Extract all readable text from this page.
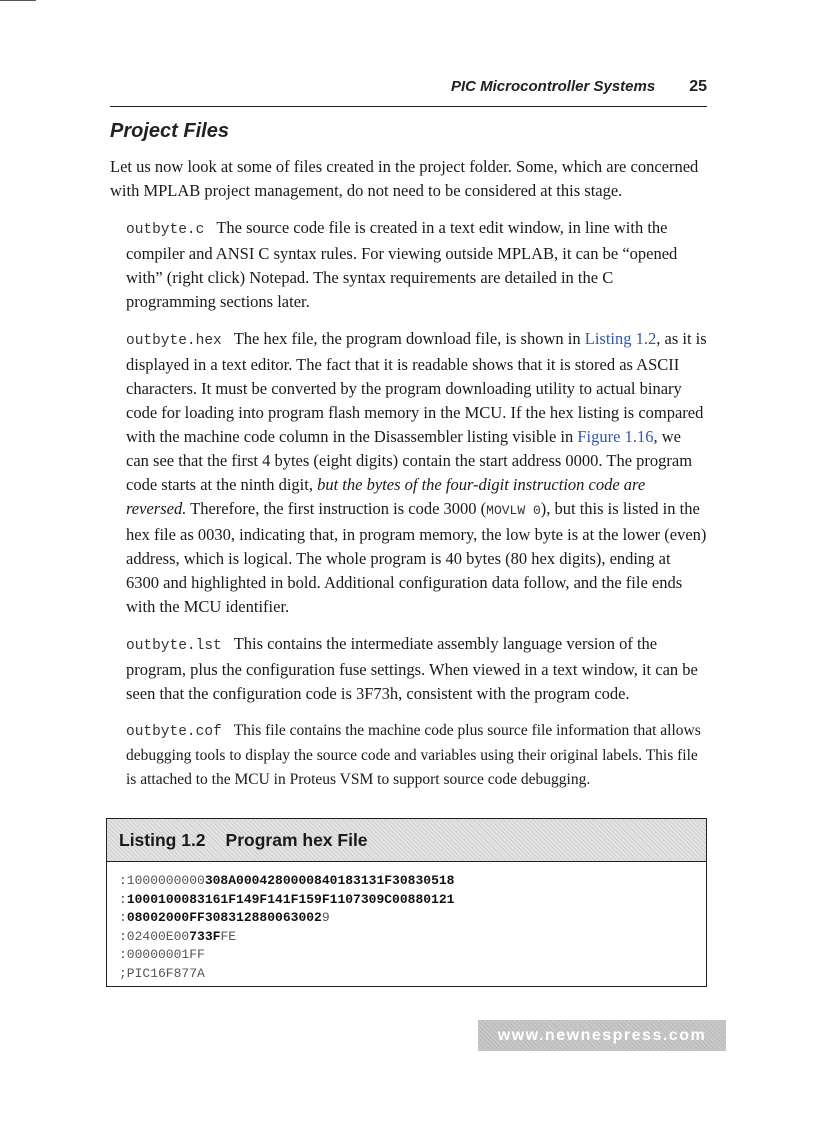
PIC Microcontroller Systems 25
Project Files

Let us now look at some of files created in the project folder. Some, which are concerned with MPLAB project management, do not need to be considered at this stage.

outbyte.c The source code file is created in a text edit window, in line with the compiler and ANSI C syntax rules. For viewing outside MPLAB, it can be “opened with” (right click) Notepad. The syntax requirements are detailed in the C programming sections later.

outbyte.hex The hex file, the program download file, is shown in Listing 1.2, as it is displayed in a text editor. The fact that it is readable shows that it is stored as ASCII characters. It must be converted by the program downloading utility to actual binary code for loading into program flash memory in the MCU. If the hex listing is compared with the machine code column in the Disassembler listing visible in Figure 1.16, we can see that the first 4 bytes (eight digits) contain the start address 0000. The program code starts at the ninth digit, but the bytes of the four-digit instruction code are reversed. Therefore, the first instruction is code 3000 (MOVLW 0), but this is listed in the hex file as 0030, indicating that, in program memory, the low byte is at the lower (even) address, which is logical. The whole program is 40 bytes (80 hex digits), ending at 6300 and highlighted in bold. Additional configuration data follow, and the file ends with the MCU identifier.

outbyte.lst This contains the intermediate assembly language version of the program, plus the configuration fuse settings. When viewed in a text window, it can be seen that the configuration code is 3F73h, consistent with the program code.

outbyte.cof This file contains the machine code plus source file information that allows debugging tools to display the source code and variables using their original labels. This file is attached to the MCU in Proteus VSM to support source code debugging.

Listing 1.2 Program hex File
:1000000000308A0004280000840183131F30830518
:1000100083161F149F141F159F1107309C00880121
:08002000FF3083128800630029
:02400E00733FFE
:00000001FF
;PIC16F877A
www.newnespress.com
